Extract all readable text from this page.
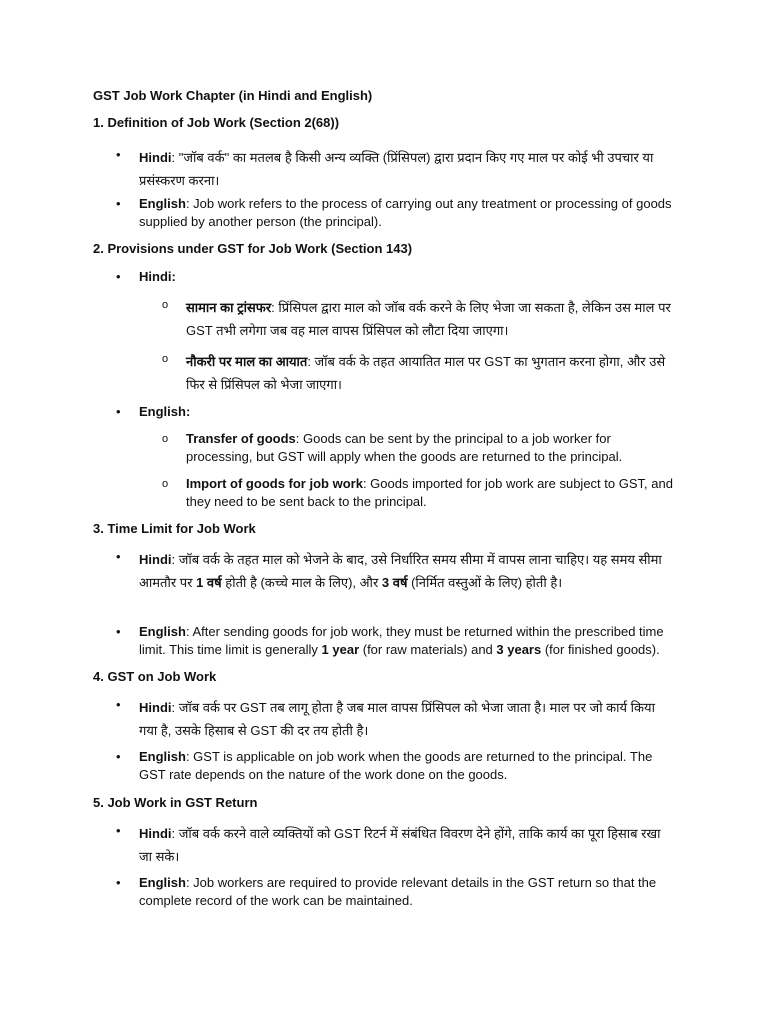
GST Job Work Chapter (in Hindi and English)
1. Definition of Job Work (Section 2(68))
•	Hindi: "जॉब वर्क" का मतलब है किसी अन्य व्यक्ति (प्रिंसिपल) द्वारा प्रदान किए गए माल पर कोई भी उपचार या प्रसंस्करण करना।
•	English: Job work refers to the process of carrying out any treatment or processing of goods supplied by another person (the principal).
2. Provisions under GST for Job Work (Section 143)
•	Hindi:
o सामान का ट्रांसफर: प्रिंसिपल द्वारा माल को जॉब वर्क करने के लिए भेजा जा सकता है, लेकिन उस माल पर GST तभी लगेगा जब वह माल वापस प्रिंसिपल को लौटा दिया जाएगा।
o नौकरी पर माल का आयात: जॉब वर्क के तहत आयातित माल पर GST का भुगतान करना होगा, और उसे फिर से प्रिंसिपल को भेजा जाएगा।
•	English:
o Transfer of goods: Goods can be sent by the principal to a job worker for processing, but GST will apply when the goods are returned to the principal.
o Import of goods for job work: Goods imported for job work are subject to GST, and they need to be sent back to the principal.
3. Time Limit for Job Work
•	Hindi: जॉब वर्क के तहत माल को भेजने के बाद, उसे निर्धारित समय सीमा में वापस लाना चाहिए। यह समय सीमा आमतौर पर 1 वर्ष होती है (कच्चे माल के लिए), और 3 वर्ष (निर्मित वस्तुओं के लिए) होती है।
•	English: After sending goods for job work, they must be returned within the prescribed time limit. This time limit is generally 1 year (for raw materials) and 3 years (for finished goods).
4. GST on Job Work
•	Hindi: जॉब वर्क पर GST तब लागू होता है जब माल वापस प्रिंसिपल को भेजा जाता है। माल पर जो कार्य किया गया है, उसके हिसाब से GST की दर तय होती है।
•	English: GST is applicable on job work when the goods are returned to the principal. The GST rate depends on the nature of the work done on the goods.
5. Job Work in GST Return
•	Hindi: जॉब वर्क करने वाले व्यक्तियों को GST रिटर्न में संबंधित विवरण देने होंगे, ताकि कार्य का पूरा हिसाब रखा जा सके।
•	English: Job workers are required to provide relevant details in the GST return so that the complete record of the work can be maintained.
